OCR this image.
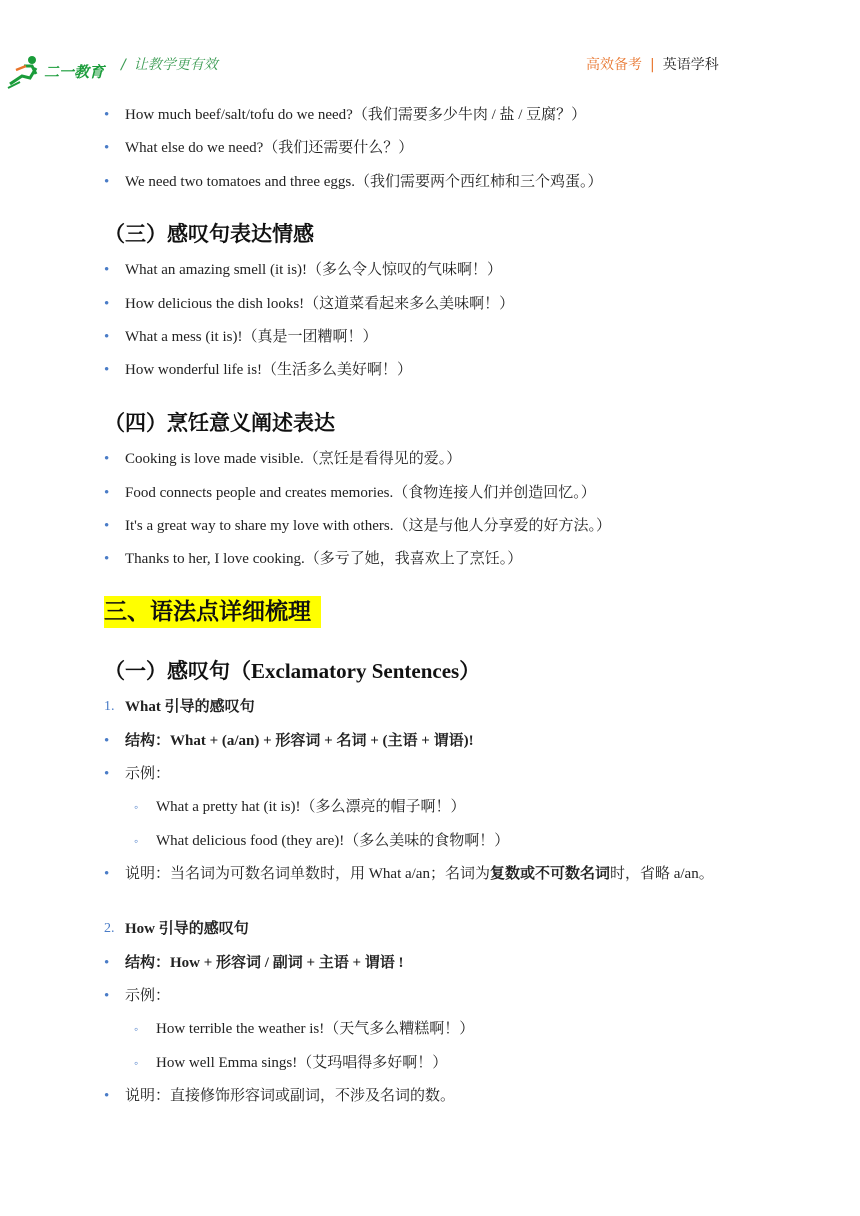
二一教育 / 让教学更有效	高效备考 | 英语学科
• How much beef/salt/tofu do we need?（我们需要多少牛肉 / 盐 / 豆腐？）
• What else do we need?（我们还需要什么？）
• We need two tomatoes and three eggs.（我们需要两个西红柿和三个鸡蛋。）
（三）感叹句表达情感
• What an amazing smell (it is)!（多么令人惊叹的气味啊！）
• How delicious the dish looks!（这道菜看起来多么美味啊！）
• What a mess (it is)!（真是一团糟啊！）
• How wonderful life is!（生活多么美好啊！）
（四）烹饪意义阐述表达
• Cooking is love made visible.（烹饪是看得见的爱。）
• Food connects people and creates memories.（食物连接人们并创造回忆。）
• It's a great way to share my love with others.（这是与他人分享爱的好方法。）
• Thanks to her, I love cooking.（多亏了她，我喜欢上了烹饪。）
三、语法点详细梳理
（一）感叹句（Exclamatory Sentences）
1. What 引导的感叹句
• 结构：What + (a/an) + 形容词 + 名词 + (主语 + 谓语)!
• 示例：
◦ What a pretty hat (it is)!（多么漂亮的帽子啊！）
◦ What delicious food (they are)!（多么美味的食物啊！）
• 说明：当名词为可数名词单数时，用 What a/an；名词为复数或不可数名词时，省略 a/an。
2. How 引导的感叹句
• 结构：How + 形容词 / 副词 + 主语 + 谓语 !
• 示例：
◦ How terrible the weather is!（天气多么糟糕啊！）
◦ How well Emma sings!（艾玛唱得多好啊！）
• 说明：直接修饰形容词或副词，不涉及名词的数。
